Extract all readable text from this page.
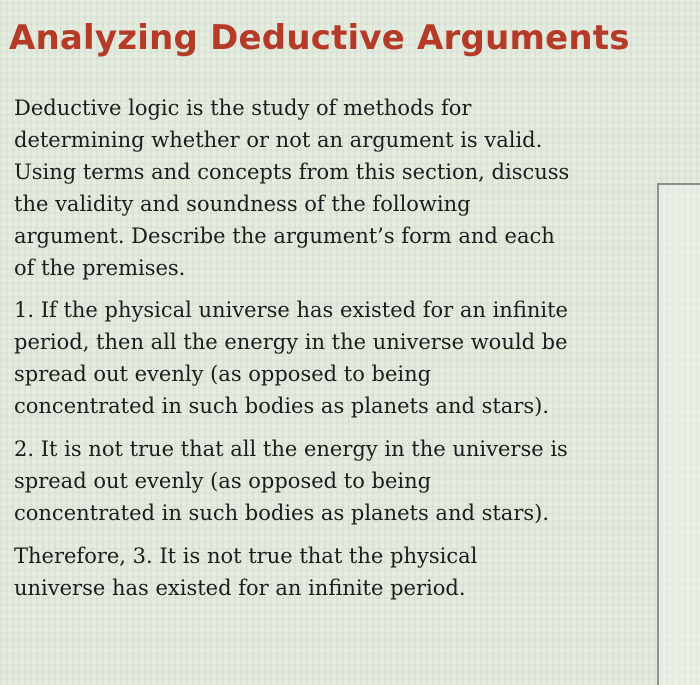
Analyzing Deductive Arguments

Deductive logic is the study of methods for determining whether or not an argument is valid. Using terms and concepts from this section, discuss the validity and soundness of the following argument. Describe the argument’s form and each of the premises.

1. If the physical universe has existed for an infinite period, then all the energy in the universe would be spread out evenly (as opposed to being concentrated in such bodies as planets and stars).

2. It is not true that all the energy in the universe is spread out evenly (as opposed to being concentrated in such bodies as planets and stars).

Therefore, 3. It is not true that the physical universe has existed for an infinite period.
